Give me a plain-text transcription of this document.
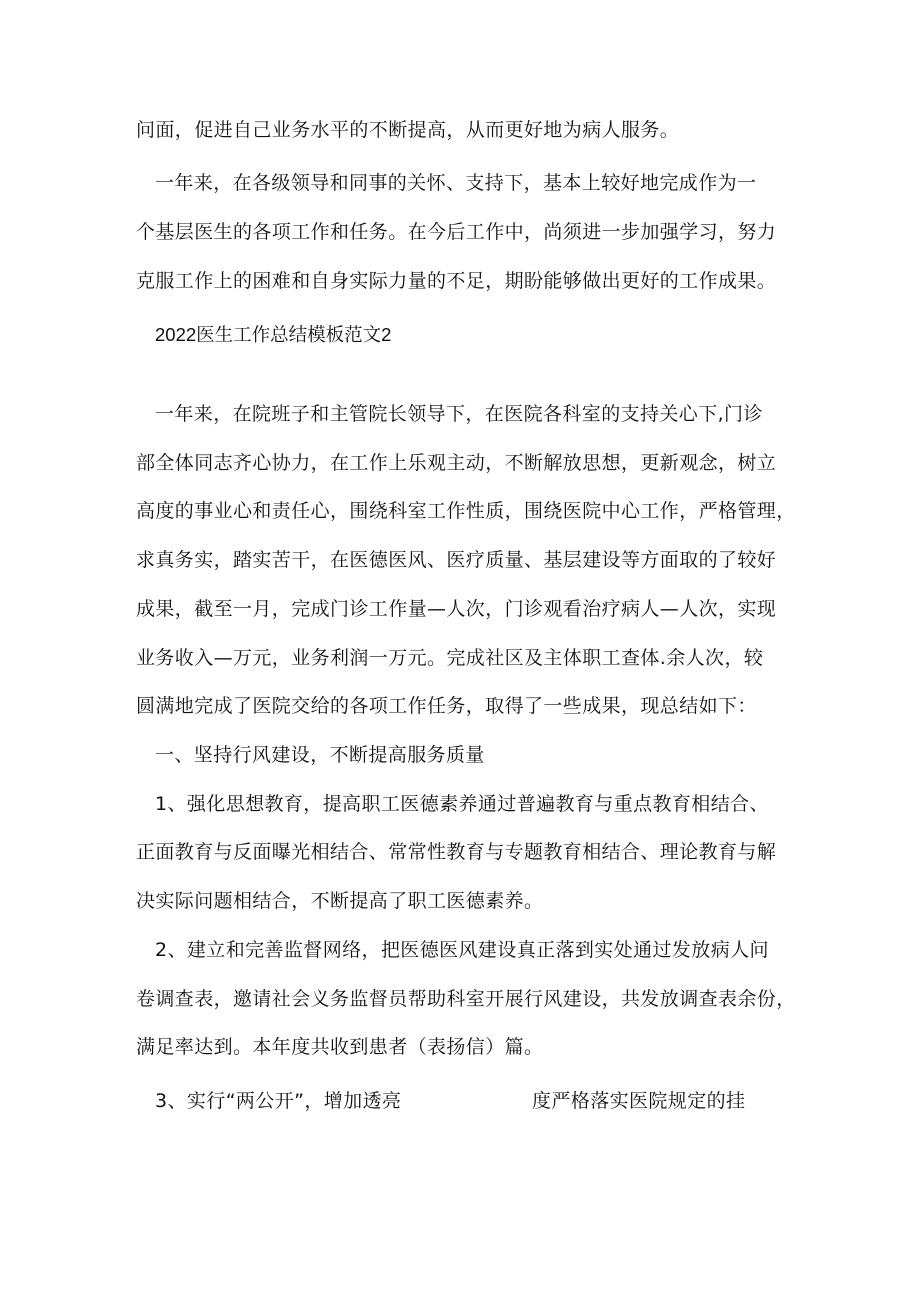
问面，促进自己业务水平的不断提高，从而更好地为病人服务。
一年来，在各级领导和同事的关怀、支持下，基本上较好地完成作为一
个基层医生的各项工作和任务。在今后工作中，尚须进一步加强学习，努力
克服工作上的困难和自身实际力量的不足，期盼能够做出更好的工作成果。
2022医生工作总结模板范文2
一年来，在院班子和主管院长领导下，在医院各科室的支持关心下,门诊
部全体同志齐心协力，在工作上乐观主动，不断解放思想，更新观念，树立
高度的事业心和责任心，围绕科室工作性质，围绕医院中心工作，严格管理，
求真务实，踏实苦干，在医德医风、医疗质量、基层建设等方面取的了较好
成果，截至一月，完成门诊工作量—人次，门诊观看治疗病人—人次，实现
业务收入—万元，业务利润一万元。完成社区及主体职工查体.余人次，较
圆满地完成了医院交给的各项工作任务，取得了一些成果，现总结如下：
一、坚持行风建设，不断提高服务质量
1、强化思想教育，提高职工医德素养通过普遍教育与重点教育相结合、
正面教育与反面曝光相结合、常常性教育与专题教育相结合、理论教育与解
决实际问题相结合，不断提高了职工医德素养。
2、建立和完善监督网络，把医德医风建设真正落到实处通过发放病人问
卷调查表，邀请社会义务监督员帮助科室开展行风建设，共发放调查表余份，
满足率达到。本年度共收到患者（表扬信）篇。
3、实行“两公开”，增加透亮	度严格落实医院规定的挂
